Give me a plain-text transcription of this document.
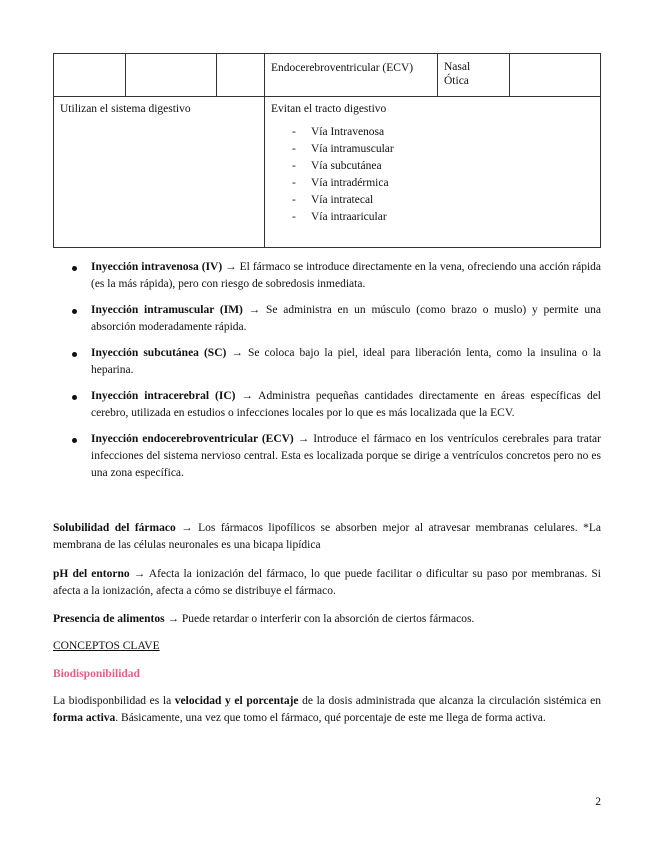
Endocerebroventricular (ECV)	Nasal
Ótica
Utilizan el sistema digestivo	Evitan el tracto digestivo
- Vía Intravenosa
- Vía intramuscular
- Vía subcutánea
- Vía intradérmica
- Vía intratecal
- Vía intraaricular
Inyección intravenosa (IV) → El fármaco se introduce directamente en la vena, ofreciendo una acción rápida (es la más rápida), pero con riesgo de sobredosis inmediata.
Inyección intramuscular (IM) → Se administra en un músculo (como brazo o muslo) y permite una absorción moderadamente rápida.
Inyección subcutánea (SC) → Se coloca bajo la piel, ideal para liberación lenta, como la insulina o la heparina.
Inyección intracerebral (IC) → Administra pequeñas cantidades directamente en áreas específicas del cerebro, utilizada en estudios o infecciones locales por lo que es más localizada que la ECV.
Inyección endocerebroventricular (ECV) → Introduce el fármaco en los ventrículos cerebrales para tratar infecciones del sistema nervioso central. Esta es localizada porque se dirige a ventrículos concretos pero no es una zona específica.
Solubilidad del fármaco → Los fármacos lipofílicos se absorben mejor al atravesar membranas celulares. *La membrana de las células neuronales es una bicapa lipídica
pH del entorno → Afecta la ionización del fármaco, lo que puede facilitar o dificultar su paso por membranas. Si afecta a la ionización, afecta a cómo se distribuye el fármaco.
Presencia de alimentos → Puede retardar o interferir con la absorción de ciertos fármacos.
CONCEPTOS CLAVE
Biodisponibilidad
La biodisponbilidad es la velocidad y el porcentaje de la dosis administrada que alcanza la circulación sistémica en forma activa. Básicamente, una vez que tomo el fármaco, qué porcentaje de este me llega de forma activa.
2
